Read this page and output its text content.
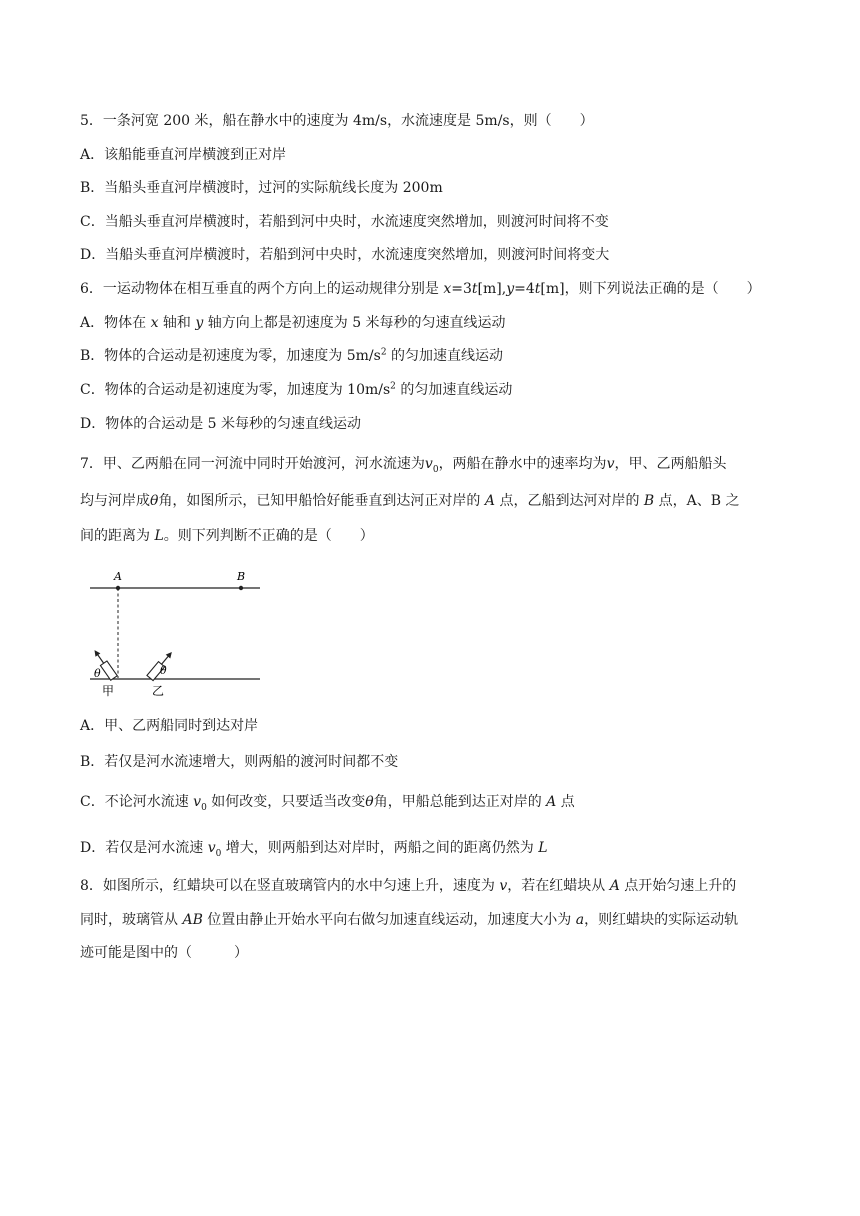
5．一条河宽 200 米，船在静水中的速度为 4m/s，水流速度是 5m/s，则（　　）
A．该船能垂直河岸横渡到正对岸
B．当船头垂直河岸横渡时，过河的实际航线长度为 200m
C．当船头垂直河岸横渡时，若船到河中央时，水流速度突然增加，则渡河时间将不变
D．当船头垂直河岸横渡时，若船到河中央时，水流速度突然增加，则渡河时间将变大
6．一运动物体在相互垂直的两个方向上的运动规律分别是 x=3t[m],y=4t[m]，则下列说法正确的是（　　）
A．物体在 x 轴和 y 轴方向上都是初速度为 5 米每秒的匀速直线运动
B．物体的合运动是初速度为零，加速度为 $5m/s^2$ 的匀加速直线运动
C．物体的合运动是初速度为零，加速度为 $10m/s^2$ 的匀加速直线运动
D．物体的合运动是 5 米每秒的匀速直线运动
7．甲、乙两船在同一河流中同时开始渡河，河水流速为$v_0$，两船在静水中的速率均为v，甲、乙两船船头
均与河岸成θ角，如图所示，已知甲船恰好能垂直到达河正对岸的 A 点，乙船到达河对岸的 B 点，A、B 之
间的距离为 L。则下列判断不正确的是（　　）
A	B
θ	θ
甲	乙
A．甲、乙两船同时到达对岸
B．若仅是河水流速增大，则两船的渡河时间都不变
C．不论河水流速 $v_0$ 如何改变，只要适当改变θ角，甲船总能到达正对岸的 A 点
D．若仅是河水流速 $v_0$ 增大，则两船到达对岸时，两船之间的距离仍然为 L
8．如图所示，红蜡块可以在竖直玻璃管内的水中匀速上升，速度为 v，若在红蜡块从 A 点开始匀速上升的
同时，玻璃管从 AB 位置由静止开始水平向右做匀加速直线运动，加速度大小为 a，则红蜡块的实际运动轨
迹可能是图中的（　　　）
